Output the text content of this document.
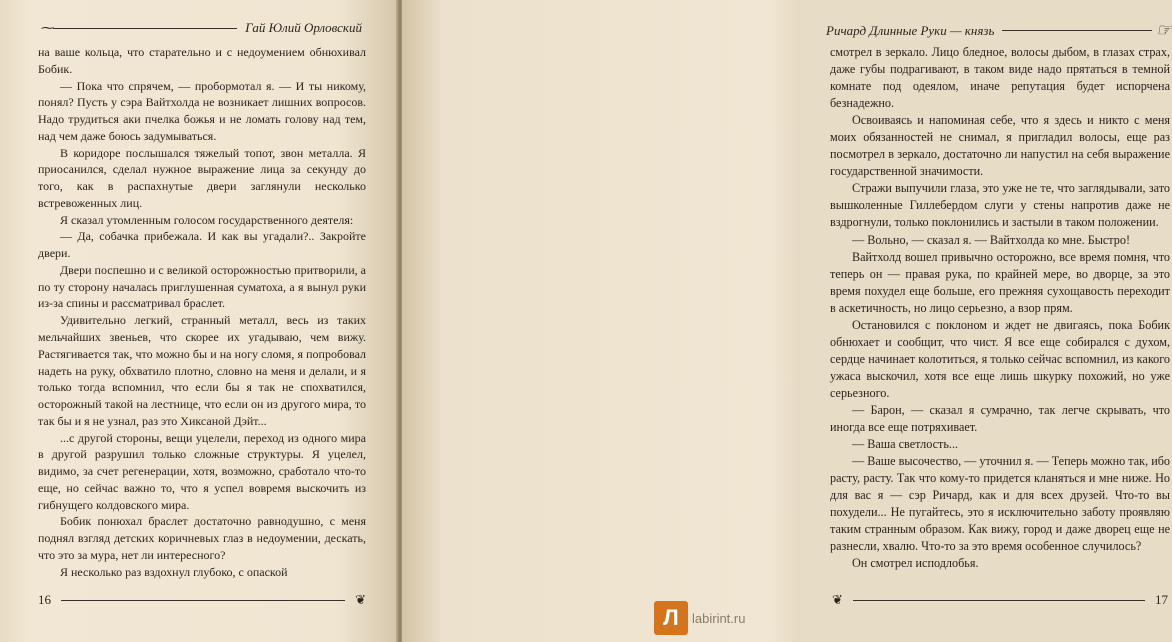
⁓	Гай Юлий Орловский

на ваше кольца, что старательно и с недоумением обнюхивал Бобик.

— Пока что спрячем, — пробормотал я. — И ты никому, понял? Пусть у сэра Вайтхолда не возникает лишних вопросов. Надо трудиться аки пчелка божья и не ломать голову над тем, над чем даже боюсь задумываться.

В коридоре послышался тяжелый топот, звон металла. Я приосанился, сделал нужное выражение лица за секунду до того, как в распахнутые двери заглянули несколько встревоженных лиц.

Я сказал утомленным голосом государственного деятеля:

— Да, собачка прибежала. И как вы угадали?.. Закройте двери.

Двери поспешно и с великой осторожностью притворили, а по ту сторону началась приглушенная суматоха, а я вынул руки из-за спины и рассматривал браслет.

Удивительно легкий, странный металл, весь из таких мельчайших звеньев, что скорее их угадываю, чем вижу. Растягивается так, что можно бы и на ногу сломя, я попробовал надеть на руку, обхватило плотно, словно на меня и делали, и я только тогда вспомнил, что если бы я так не спохватился, осторожный такой на лестнице, что если он из другого мира, то так бы и я не узнал, раз это Хиксаной Дэйт...

...с другой стороны, вещи уцелели, переход из одного мира в другой разрушил только сложные структуры. Я уцелел, видимо, за счет регенерации, хотя, возможно, сработало что-то еще, но сейчас важно то, что я успел вовремя выскочить из гибнущего колдовского мира.

Бобик понюхал браслет достаточно равнодушно, с меня поднял взгляд детских коричневых глаз в недоумении, дескать, что это за мура, нет ли интересного?

Я несколько раз вздохнул глубоко, с опаской

16	❦
Ричард Длинные Руки — князь	☞

смотрел в зеркало. Лицо бледное, волосы дыбом, в глазах страх, даже губы подрагивают, в таком виде надо прятаться в темной комнате под одеялом, иначе репутация будет испорчена безнадежно.

Освоиваясь и напоминая себе, что я здесь и никто с меня моих обязанностей не снимал, я пригладил волосы, еще раз посмотрел в зеркало, достаточно ли напустил на себя выражение государственной значимости.

Стражи выпучили глаза, это уже не те, что заглядывали, зато вышколенные Гиллебердом слуги у стены напротив даже не вздрогнули, только поклонились и застыли в таком положении.

— Вольно, — сказал я. — Вайтхолда ко мне. Быстро!

Вайтхолд вошел привычно осторожно, все время помня, что теперь он — правая рука, по крайней мере, во дворце, за это время похудел еще больше, его прежняя сухощавость переходит в аскетичность, но лицо серьезно, а взор прям.

Остановился с поклоном и ждет не двигаясь, пока Бобик обнюхает и сообщит, что чист. Я все еще собирался с духом, сердце начинает колотиться, я только сейчас вспомнил, из какого ужаса выскочил, хотя все еще лишь шкурку похожий, но уже серьезного.

— Барон, — сказал я сумрачно, так легче скрывать, что иногда все еще потряхивает.

— Ваша светлость...

— Ваше высочество, — уточнил я. — Теперь можно так, ибо расту, расту. Так что кому-то придется кланяться и мне ниже. Но для вас я — сэр Ричард, как и для всех друзей. Что-то вы похудели... Не пугайтесь, это я исключительно заботу проявляю таким странным образом. Как вижу, город и даже дворец еще не разнесли, хвалю. Что-то за это время особенное случилось?

Он смотрел исподлобья.

❦	17
Л	labirint.ru
